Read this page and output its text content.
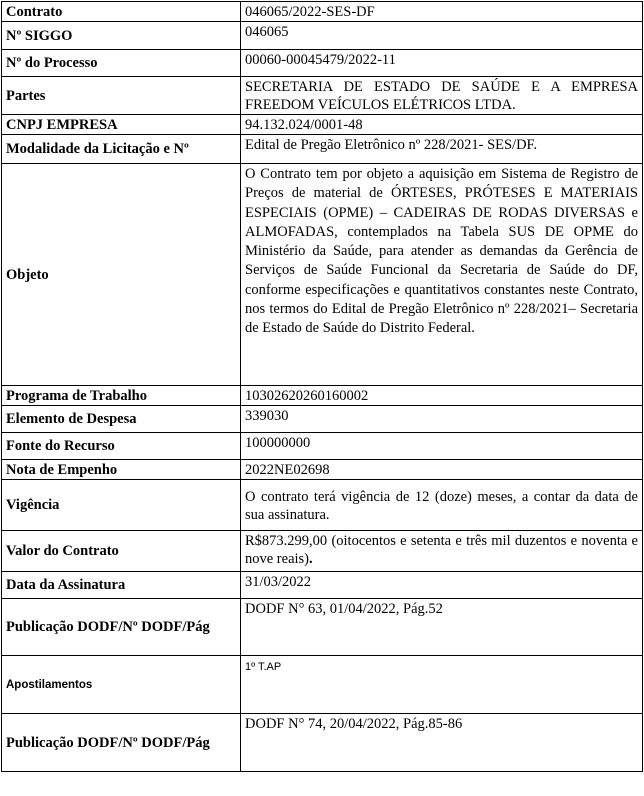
Contrato	046065/2022-SES-DF
Nº SIGGO	046065
Nº do Processo	00060-00045479/2022-11
Partes	SECRETARIA DE ESTADO DE SAÚDE E A EMPRESA FREEDOM VEÍCULOS ELÉTRICOS LTDA.
CNPJ EMPRESA	94.132.024/0001-48
Modalidade da Licitação e Nº	Edital de Pregão Eletrônico nº 228/2021- SES/DF.
Objeto	O Contrato tem por objeto a aquisição em Sistema de Registro de Preços de material de ÓRTESES, PRÓTESES E MATERIAIS ESPECIAIS (OPME) – CADEIRAS DE RODAS DIVERSAS e ALMOFADAS, contemplados na Tabela SUS DE OPME do Ministério da Saúde, para atender as demandas da Gerência de Serviços de Saúde Funcional da Secretaria de Saúde do DF, conforme especificações e quantitativos constantes neste Contrato, nos termos do Edital de Pregão Eletrônico nº 228/2021– Secretaria de Estado de Saúde do Distrito Federal.

Programa de Trabalho	10302620260160002
Elemento de Despesa	339030
Fonte do Recurso	100000000
Nota de Empenho	2022NE02698
Vigência	O contrato terá vigência de 12 (doze) meses, a contar da data de sua assinatura.
Valor do Contrato	R$873.299,00 (oitocentos e setenta e três mil duzentos e noventa e nove reais).
Data da Assinatura	31/03/2022
Publicação DODF/Nº DODF/Pág	DODF N° 63, 01/04/2022, Pág.52
Apostilamentos	1º T.AP
Publicação DODF/Nº DODF/Pág	DODF N° 74, 20/04/2022, Pág.85-86
